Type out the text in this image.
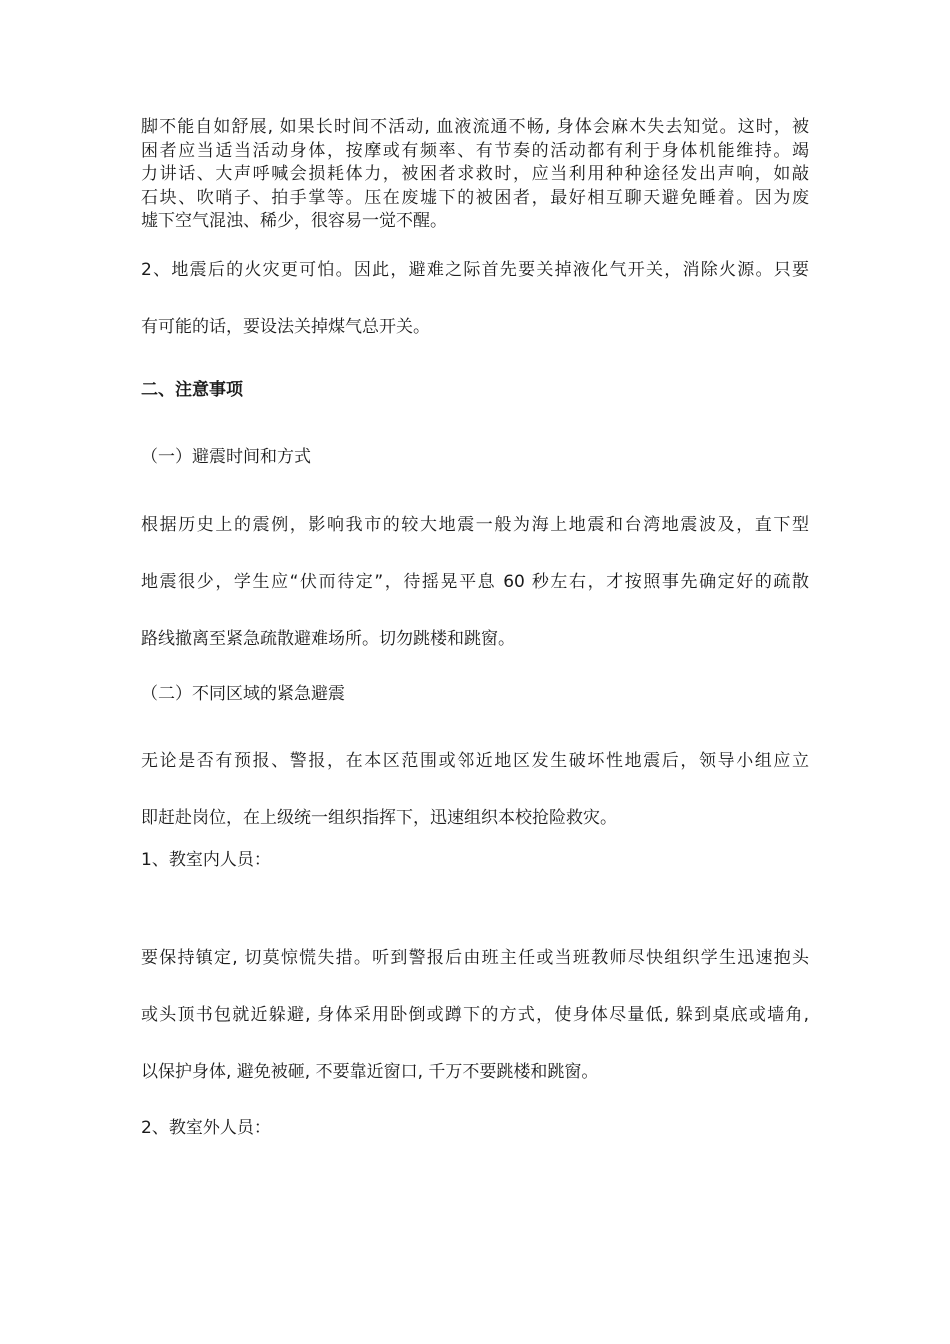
脚不能自如舒展, 如果长时间不活动, 血液流通不畅, 身体会麻木失去知觉。这时，被
困者应当适当活动身体，按摩或有频率、有节奏的活动都有利于身体机能维持。竭
力讲话、大声呼喊会损耗体力，被困者求救时，应当利用种种途径发出声响，如敲
石块、吹哨子、拍手掌等。压在废墟下的被困者，最好相互聊天避免睡着。因为废
墟下空气混浊、稀少，很容易一觉不醒。
2、地震后的火灾更可怕。因此，避难之际首先要关掉液化气开关，消除火源。只要
有可能的话，要设法关掉煤气总开关。
二、注意事项
（一）避震时间和方式
根据历史上的震例，影响我市的较大地震一般为海上地震和台湾地震波及，直下型
地震很少，学生应“伏而待定”，待摇晃平息 60 秒左右，才按照事先确定好的疏散
路线撤离至紧急疏散避难场所。切勿跳楼和跳窗。
（二）不同区域的紧急避震
无论是否有预报、警报，在本区范围或邻近地区发生破坏性地震后，领导小组应立
即赶赴岗位，在上级统一组织指挥下，迅速组织本校抢险救灾。
1、教室内人员：
要保持镇定, 切莫惊慌失措。听到警报后由班主任或当班教师尽快组织学生迅速抱头
或头顶书包就近躲避, 身体采用卧倒或蹲下的方式，使身体尽量低, 躲到桌底或墙角,
以保护身体, 避免被砸, 不要靠近窗口, 千万不要跳楼和跳窗。
2、教室外人员：
